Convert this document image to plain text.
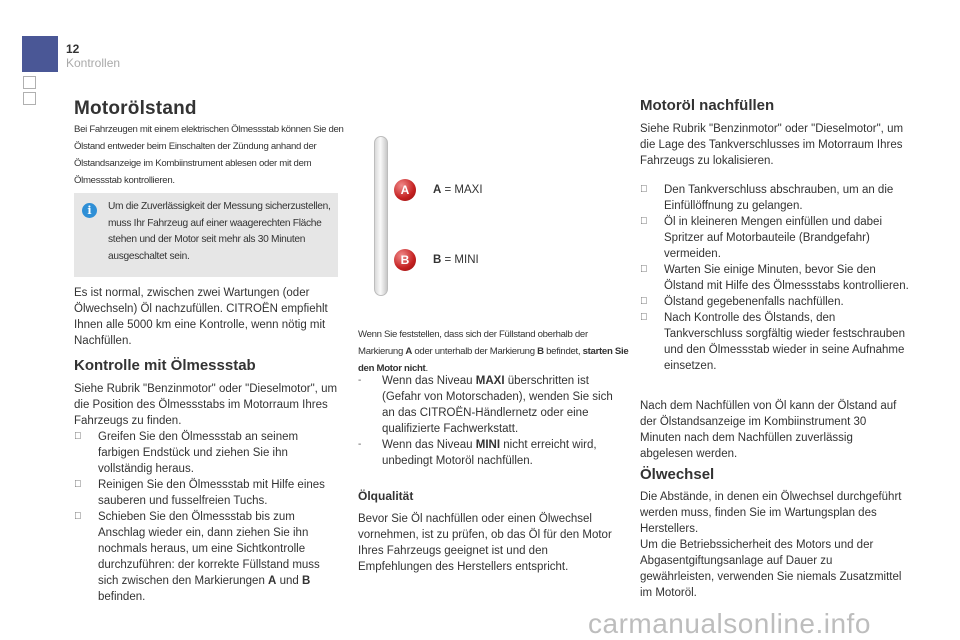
12
Kontrollen
Motorölstand

Bei Fahrzeugen mit einem elektrischen Ölmessstab können Sie den Ölstand entweder beim Einschalten der Zündung anhand der Ölstandsanzeige im Kombiinstrument ablesen oder mit dem Ölmessstab kontrollieren.

i	Um die Zuverlässigkeit der Messung sicherzustellen, muss Ihr Fahrzeug auf einer waagerechten Fläche stehen und der Motor seit mehr als 30 Minuten ausgeschaltet sein.

Es ist normal, zwischen zwei Wartungen (oder Ölwechseln) Öl nachzufüllen. CITROËN empfiehlt Ihnen alle 5000 km eine Kontrolle, wenn nötig mit Nachfüllen.

Kontrolle mit Ölmessstab

Siehe Rubrik "Benzinmotor" oder "Dieselmotor", um die Position des Ölmessstabs im Motorraum Ihres Fahrzeugs zu finden.

Greifen Sie den Ölmessstab an seinem farbigen Endstück und ziehen Sie ihn vollständig heraus.
Reinigen Sie den Ölmessstab mit Hilfe eines sauberen und fusselfreien Tuchs.
Schieben Sie den Ölmessstab bis zum Anschlag wieder ein, dann ziehen Sie ihn nochmals heraus, um eine Sichtkontrolle durchzuführen: der korrekte Füllstand muss sich zwischen den Markierungen A und B befinden.
A	A = MAXI
B	B = MINI

Wenn Sie feststellen, dass sich der Füllstand oberhalb der Markierung A oder unterhalb der Markierung B befindet, starten Sie den Motor nicht.

-	Wenn das Niveau MAXI überschritten ist (Gefahr von Motorschaden), wenden Sie sich an das CITROËN-Händlernetz oder eine qualifizierte Fachwerkstatt.
-	Wenn das Niveau MINI nicht erreicht wird, unbedingt Motoröl nachfüllen.
Ölqualität

Bevor Sie Öl nachfüllen oder einen Ölwechsel vornehmen, ist zu prüfen, ob das Öl für den Motor Ihres Fahrzeugs geeignet ist und den Empfehlungen des Herstellers entspricht.

Motoröl nachfüllen

Siehe Rubrik "Benzinmotor" oder "Dieselmotor", um die Lage des Tankverschlusses im Motorraum Ihres Fahrzeugs zu lokalisieren.

Den Tankverschluss abschrauben, um an die Einfüllöffnung zu gelangen.
Öl in kleineren Mengen einfüllen und dabei Spritzer auf Motorbauteile (Brandgefahr) vermeiden.
Warten Sie einige Minuten, bevor Sie den Ölstand mit Hilfe des Ölmessstabs kontrollieren.
Ölstand gegebenenfalls nachfüllen.
Nach Kontrolle des Ölstands, den Tankverschluss sorgfältig wieder festschrauben und den Ölmessstab wieder in seine Aufnahme einsetzen.

Nach dem Nachfüllen von Öl kann der Ölstand auf der Ölstandsanzeige im Kombiinstrument 30 Minuten nach dem Nachfüllen zuverlässig abgelesen werden.

Ölwechsel

Die Abstände, in denen ein Ölwechsel durchgeführt werden muss, finden Sie im Wartungsplan des Herstellers.

Um die Betriebssicherheit des Motors und der Abgasentgiftungsanlage auf Dauer zu gewährleisten, verwenden Sie niemals Zusatzmittel im Motoröl.

carmanualsonline.info
